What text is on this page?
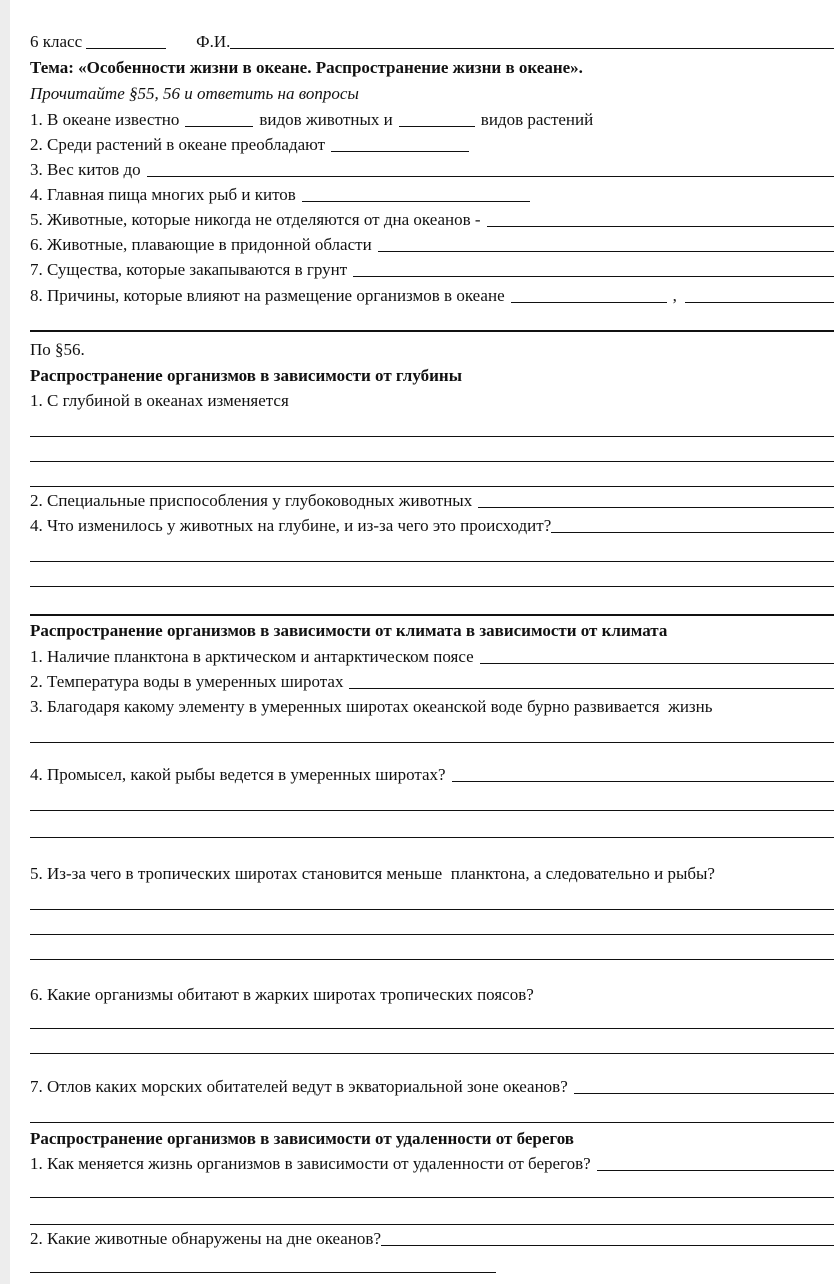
6 класс	Ф.И.
Тема: «Особенности жизни в океане. Распространение жизни в океане».
Прочитайте §55, 56 и ответить на вопросы
1. В океане известно	видов животных и	видов растений
2. Среди растений в океане преобладают
3. Вес китов до
4. Главная пища многих рыб и китов
5. Животные, которые никогда не отделяются от дна океанов -
6. Животные, плавающие в придонной области
7. Существа, которые закапываются в грунт
8. Причины, которые влияют на размещение организмов в океане	,
По §56.
Распространение организмов в зависимости от глубины
1. С глубиной в океанах изменяется
2. Специальные приспособления у глубоководных животных
4. Что изменилось у животных на глубине, и из-за чего это происходит?
Распространение организмов в зависимости от климата в зависимости от климата
1. Наличие планктона в арктическом и антарктическом поясе
2. Температура воды в умеренных широтах
3. Благодаря какому элементу в умеренных широтах океанской воде бурно развивается  жизнь
4. Промысел, какой рыбы ведется в умеренных широтах?
5. Из-за чего в тропических широтах становится меньше  планктона, а следовательно и рыбы?
6. Какие организмы обитают в жарких широтах тропических поясов?
7. Отлов каких морских обитателей ведут в экваториальной зоне океанов?
Распространение организмов в зависимости от удаленности от берегов
1. Как меняется жизнь организмов в зависимости от удаленности от берегов?
2. Какие животные обнаружены на дне океанов?
